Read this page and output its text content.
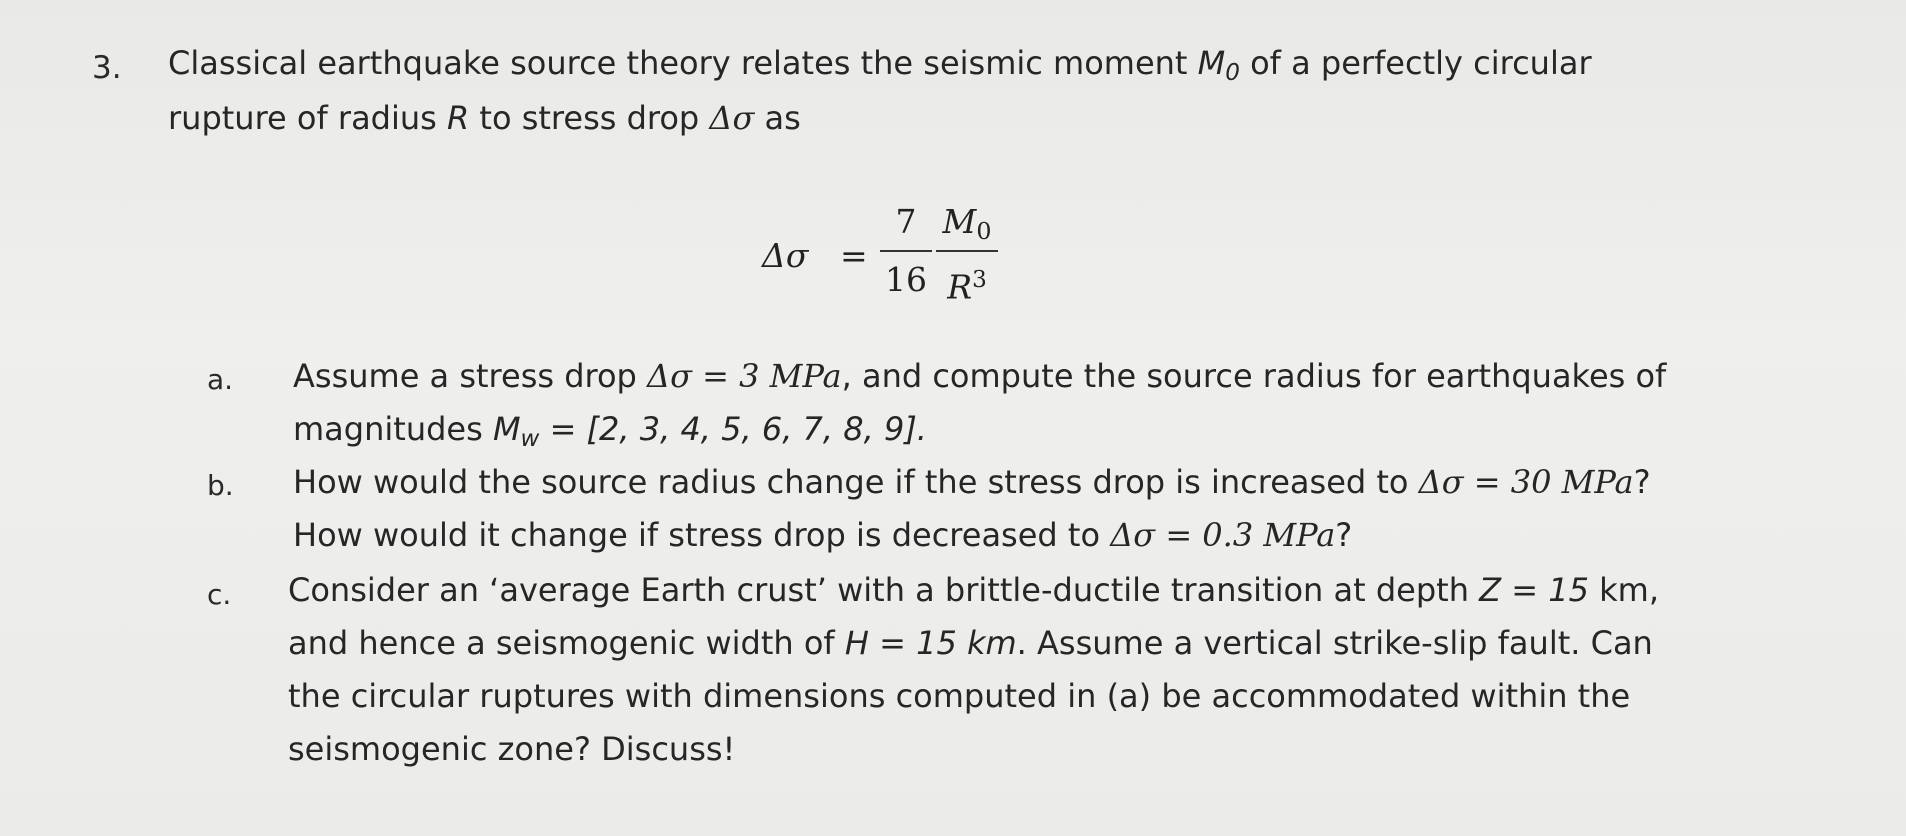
3. Classical earthquake source theory relates the seismic moment $M_0$ of a perfectly circular
rupture of radius R to stress drop Δσ as
Δσ =
7
16
$M_0$
$R^3$
a. Assume a stress drop Δσ = 3 MPa, and compute the source radius for earthquakes of
magnitudes $M_w = [2$, 3, 4, 5, 6, 7, 8, 9].
b. How would the source radius change if the stress drop is increased to Δσ = 30 MPa?
How would it change if stress drop is decreased to Δσ = 0.3 MPa?
c. Consider an ‘average Earth crust’ with a brittle-ductile transition at depth Z = 15 km,
and hence a seismogenic width of H = 15 km. Assume a vertical strike-slip fault. Can
the circular ruptures with dimensions computed in (a) be accommodated within the
seismogenic zone? Discuss!
